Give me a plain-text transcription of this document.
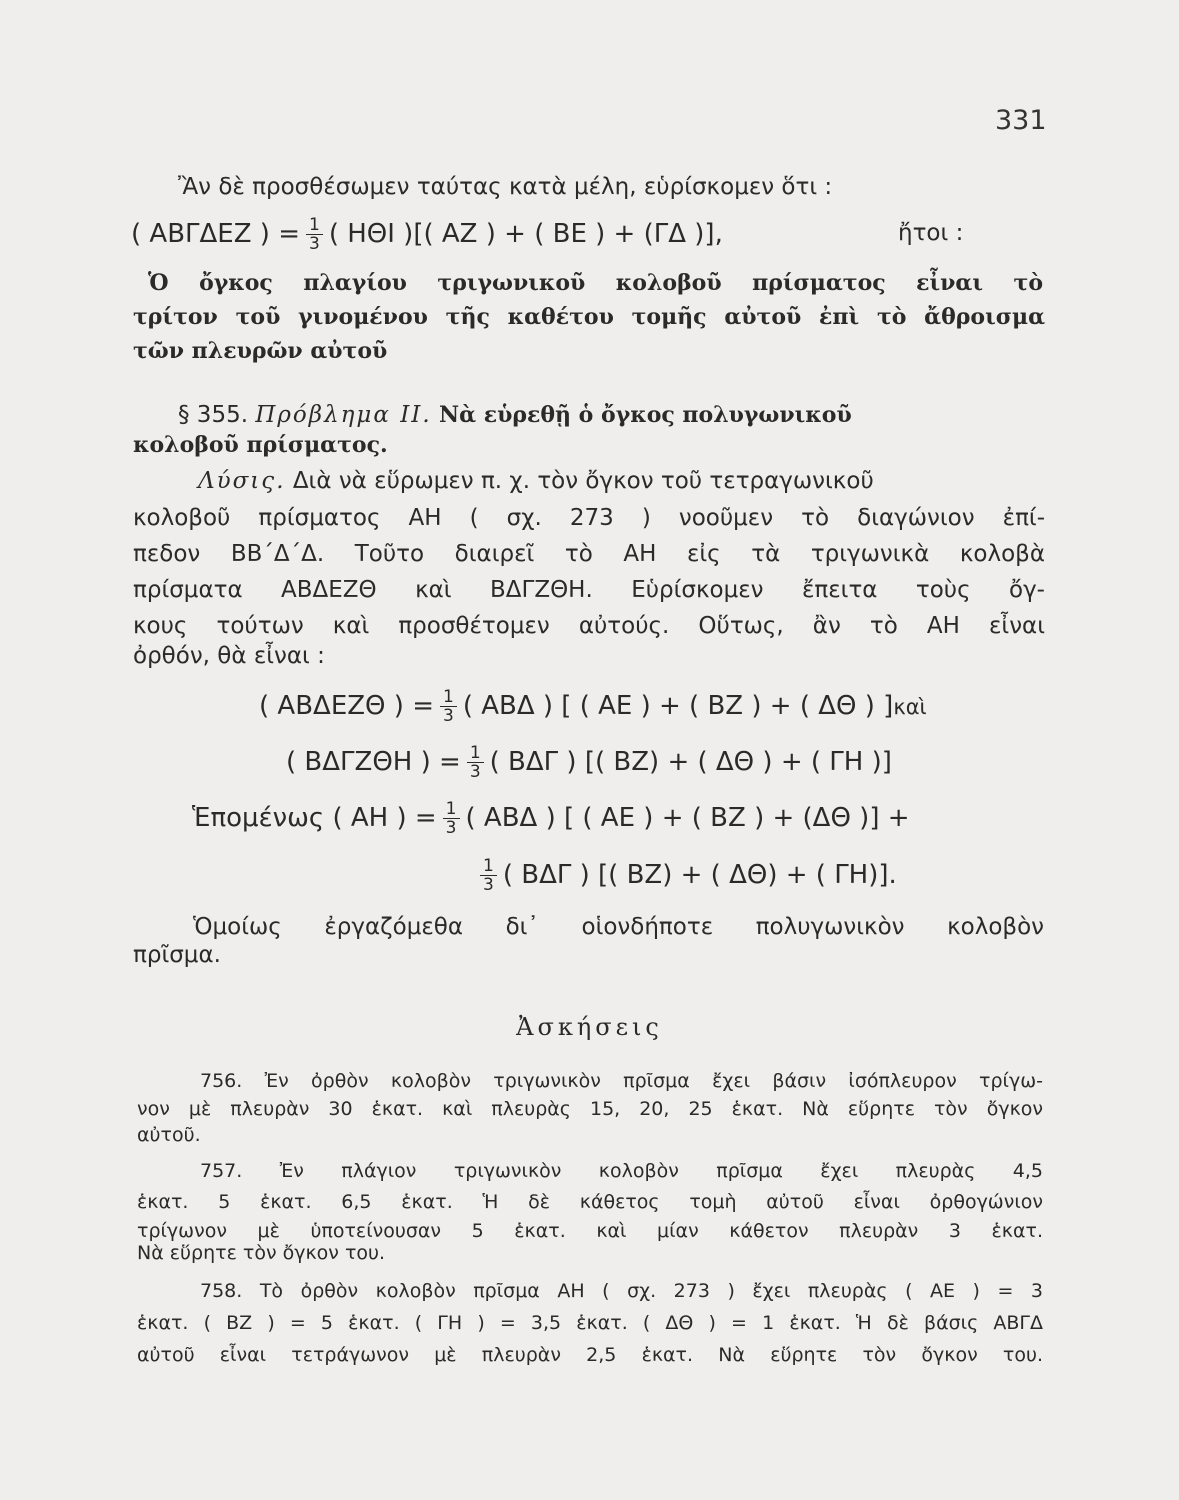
331
Ἂν δὲ προσθέσωμεν ταύτας κατὰ μέλη, εὑρίσκομεν ὅτι :
( ΑΒΓΔΕΖ ) = $\frac{1}{3}$ ( ΗΘΙ )[( ΑΖ ) + ( ΒΕ ) + (ΓΔ )],	ἤτοι :
Ὁ ὄγκος πλαγίου τριγωνικοῦ κολοβοῦ πρίσματος εἶναι τὸ
τρίτον τοῦ γινομένου τῆς καθέτου τομῆς αὐτοῦ ἐπὶ τὸ ἄθροισμα
τῶν πλευρῶν αὐτοῦ
§ 355. Πρόβλημα ΙΙ. Νὰ εὑρεθῇ ὁ ὄγκος πολυγωνικοῦ
κολοβοῦ πρίσματος.
Λύσις. Διὰ νὰ εὕρωμεν π. χ. τὸν ὄγκον τοῦ τετραγωνικοῦ
κολοβοῦ πρίσματος ΑΗ ( σχ. 273 ) νοοῦμεν τὸ διαγώνιον ἐπί-
πεδον ΒΒ΄Δ΄Δ. Τοῦτο διαιρεῖ τὸ ΑΗ εἰς τὰ τριγωνικὰ κολοβὰ
πρίσματα ΑΒΔΕΖΘ καὶ ΒΔΓΖΘΗ. Εὑρίσκομεν ἔπειτα τοὺς ὄγ-
κους τούτων καὶ προσθέτομεν αὐτούς. Οὕτως, ἂν τὸ ΑΗ εἶναι
ὀρθόν, θὰ εἶναι :
( ΑΒΔΕΖΘ ) = $\frac{1}{3}$ ( ΑΒΔ ) [ ( ΑΕ ) + ( ΒΖ ) + ( ΔΘ ) ]καὶ
( ΒΔΓΖΘΗ ) = $\frac{1}{3}$ ( ΒΔΓ ) [( ΒΖ) + ( ΔΘ ) + ( ΓΗ )]
Ἑπομένως ( ΑΗ ) = $\frac{1}{3}$ ( ΑΒΔ ) [ ( ΑΕ ) + ( ΒΖ ) + (ΔΘ )] +
$\frac{1}{3}$ ( ΒΔΓ ) [( ΒΖ) + ( ΔΘ) + ( ΓΗ)].
Ὁμοίως ἐργαζόμεθα δι᾽ οἱονδήποτε πολυγωνικὸν κολοβὸν
πρῖσμα.
Ἀσκήσεις
756. Ἐν ὀρθὸν κολοβὸν τριγωνικὸν πρῖσμα ἔχει βάσιν ἰσόπλευρον τρίγω-
νον μὲ πλευρὰν 30 ἑκατ. καὶ πλευρὰς 15, 20, 25 ἑκατ. Νὰ εὕρητε τὸν ὄγκον
αὐτοῦ.
757. Ἐν πλάγιον τριγωνικὸν κολοβὸν πρῖσμα ἔχει πλευρὰς 4,5
ἑκατ. 5 ἑκατ. 6,5 ἑκατ. Ἡ δὲ κάθετος τομὴ αὐτοῦ εἶναι ὀρθογώνιον
τρίγωνον μὲ ὑποτείνουσαν 5 ἑκατ. καὶ μίαν κάθετον πλευρὰν 3 ἑκατ.
Νὰ εὕρητε τὸν ὄγκον του.
758. Τὸ ὀρθὸν κολοβὸν πρῖσμα ΑΗ ( σχ. 273 ) ἔχει πλευρὰς ( ΑΕ ) = 3
ἑκατ. ( ΒΖ ) = 5 ἑκατ. ( ΓΗ ) = 3,5 ἑκατ. ( ΔΘ ) = 1 ἑκατ. Ἡ δὲ βάσις ΑΒΓΔ
αὐτοῦ εἶναι τετράγωνον μὲ πλευρὰν 2,5 ἑκατ. Νὰ εὕρητε τὸν ὄγκον του.
